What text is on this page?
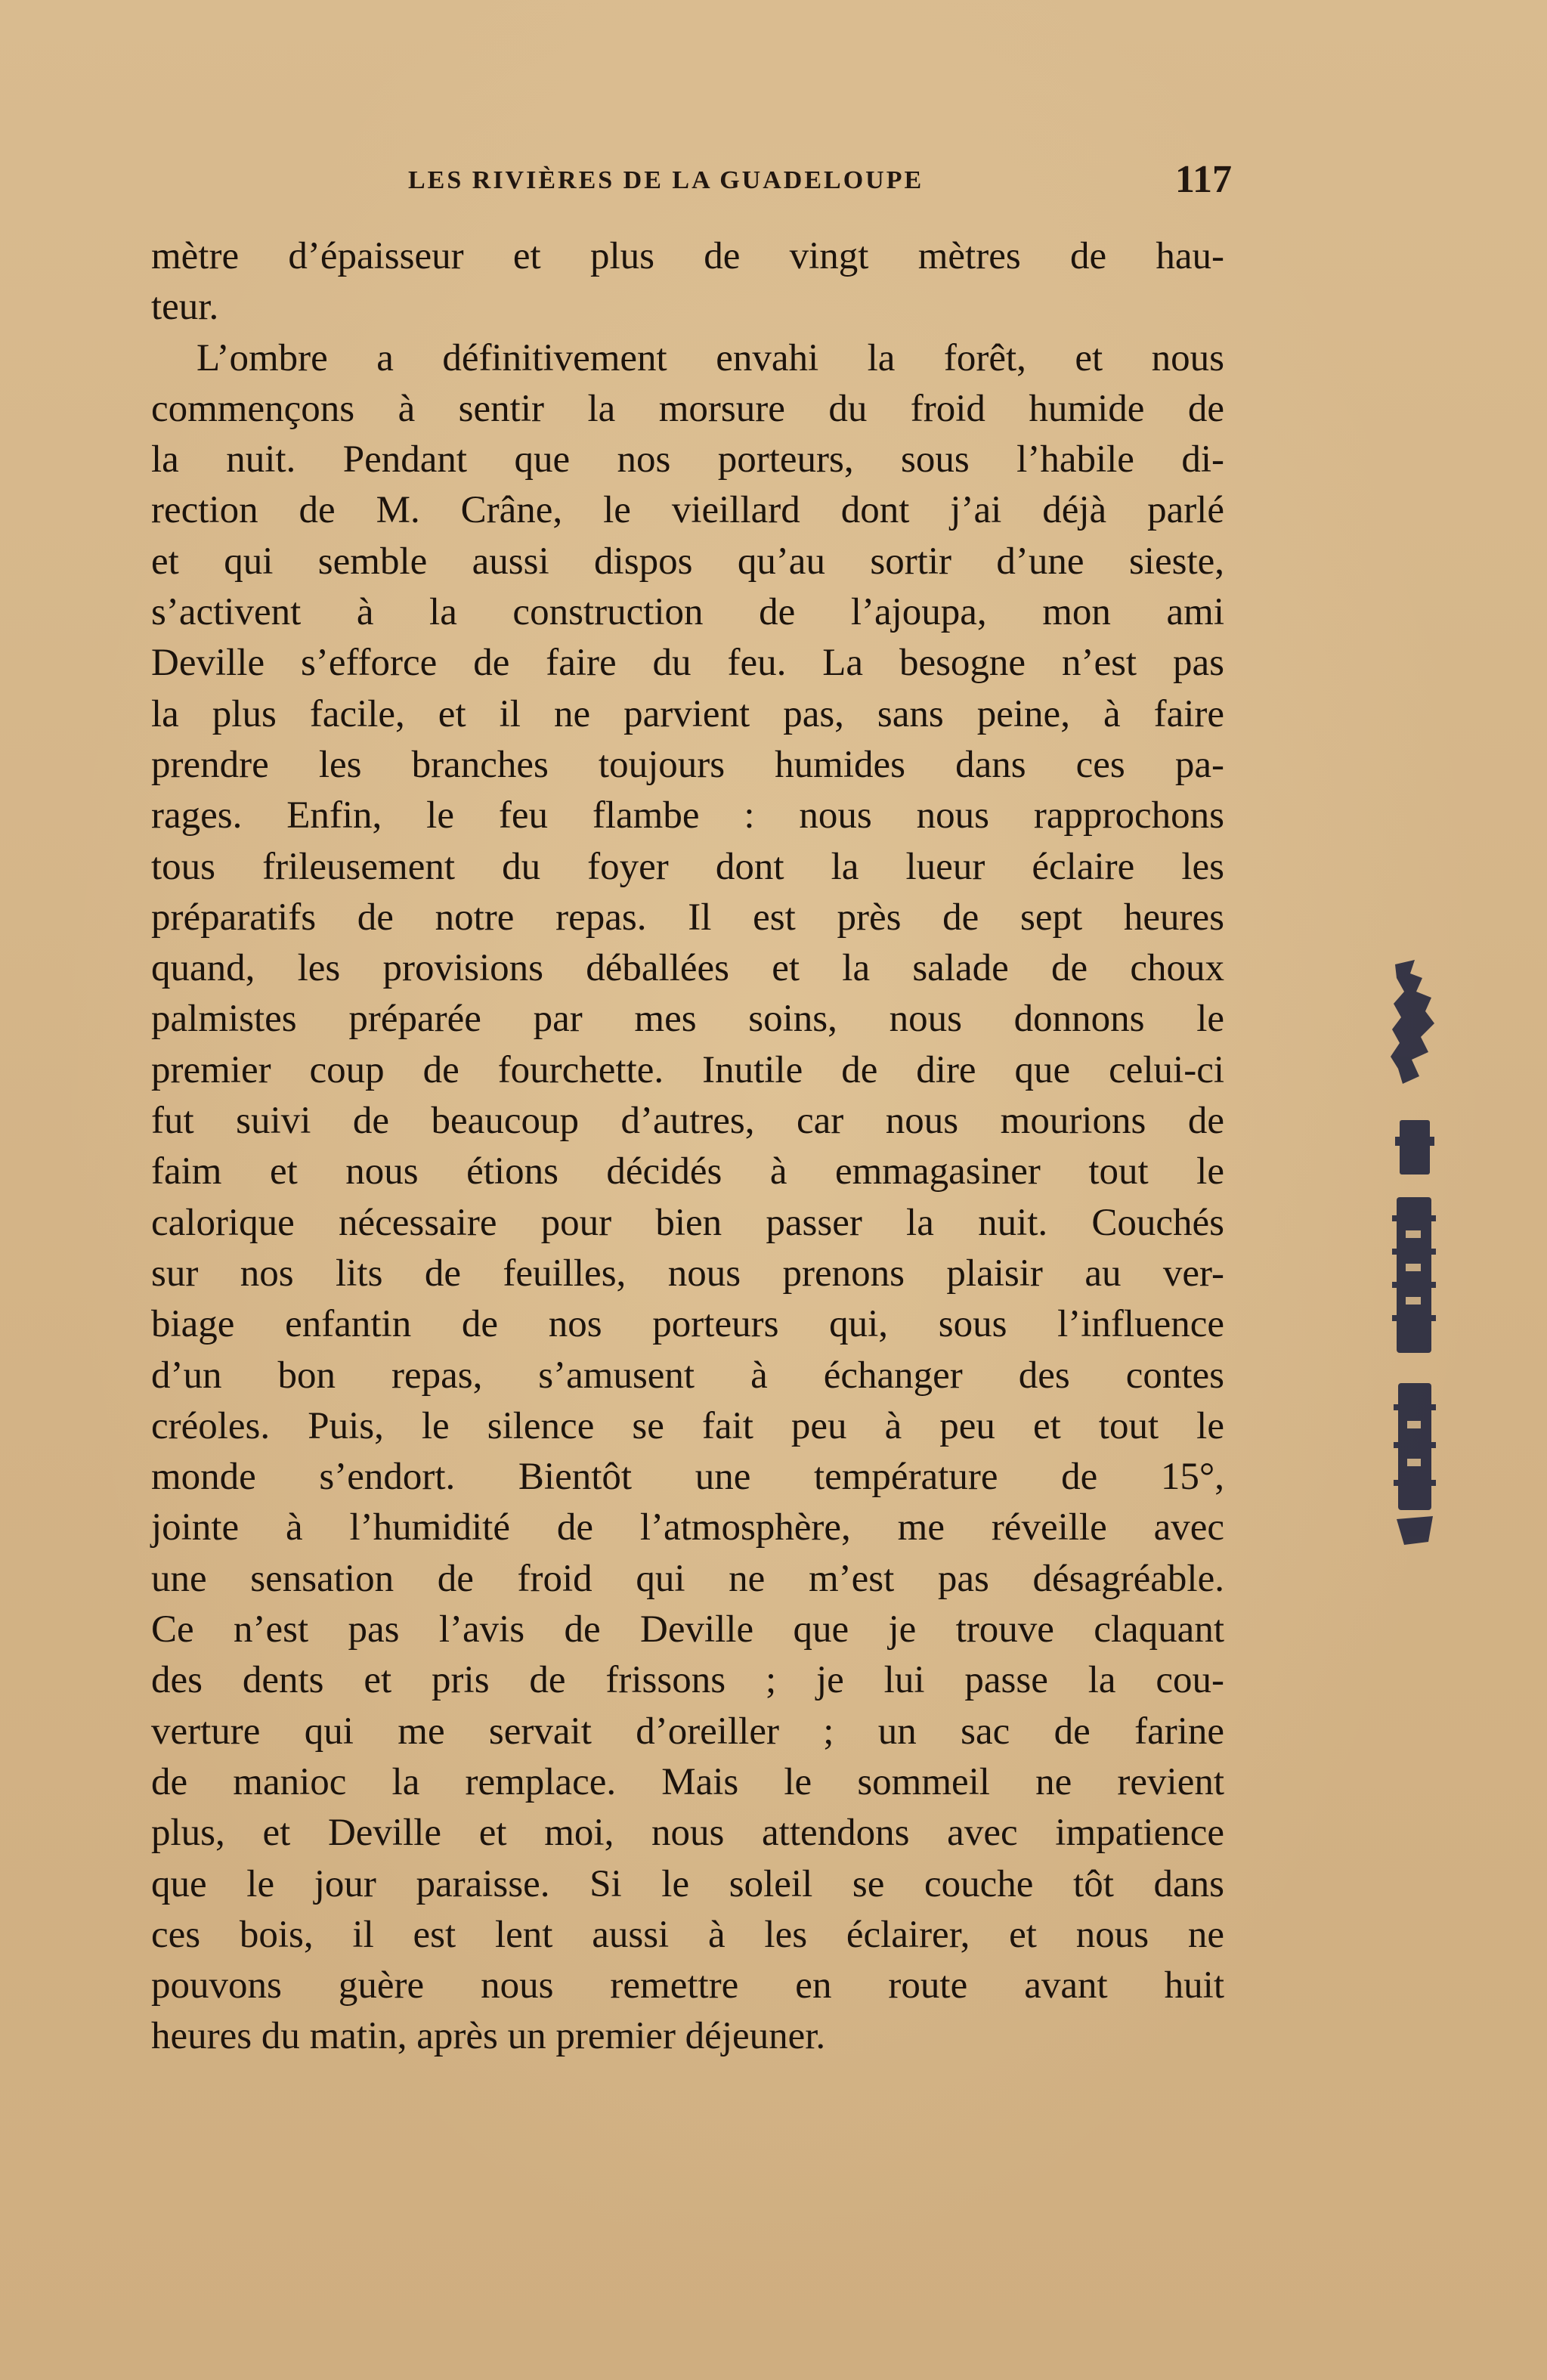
LES RIVIÈRES DE LA GUADELOUPE	117
mètre d’épaisseur et plus de vingt mètres de hau-
teur.
L’ombre a définitivement envahi la forêt, et nous
commençons à sentir la morsure du froid humide de
la nuit. Pendant que nos porteurs, sous l’habile di-
rection de M. Crâne, le vieillard dont j’ai déjà parlé
et qui semble aussi dispos qu’au sortir d’une sieste,
s’activent à la construction de l’ajoupa, mon ami
Deville s’efforce de faire du feu. La besogne n’est pas
la plus facile, et il ne parvient pas, sans peine, à faire
prendre les branches toujours humides dans ces pa-
rages. Enfin, le feu flambe : nous nous rapprochons
tous frileusement du foyer dont la lueur éclaire les
préparatifs de notre repas. Il est près de sept heures
quand, les provisions déballées et la salade de choux
palmistes préparée par mes soins, nous donnons le
premier coup de fourchette. Inutile de dire que celui-ci
fut suivi de beaucoup d’autres, car nous mourions de
faim et nous étions décidés à emmagasiner tout le
calorique nécessaire pour bien passer la nuit. Couchés
sur nos lits de feuilles, nous prenons plaisir au ver-
biage enfantin de nos porteurs qui, sous l’influence
d’un bon repas, s’amusent à échanger des contes
créoles. Puis, le silence se fait peu à peu et tout le
monde s’endort. Bientôt une température de 15°,
jointe à l’humidité de l’atmosphère, me réveille avec
une sensation de froid qui ne m’est pas désagréable.
Ce n’est pas l’avis de Deville que je trouve claquant
des dents et pris de frissons ; je lui passe la cou-
verture qui me servait d’oreiller ; un sac de farine
de manioc la remplace. Mais le sommeil ne revient
plus, et Deville et moi, nous attendons avec impatience
que le jour paraisse. Si le soleil se couche tôt dans
ces bois, il est lent aussi à les éclairer, et nous ne
pouvons guère nous remettre en route avant huit
heures du matin, après un premier déjeuner.
